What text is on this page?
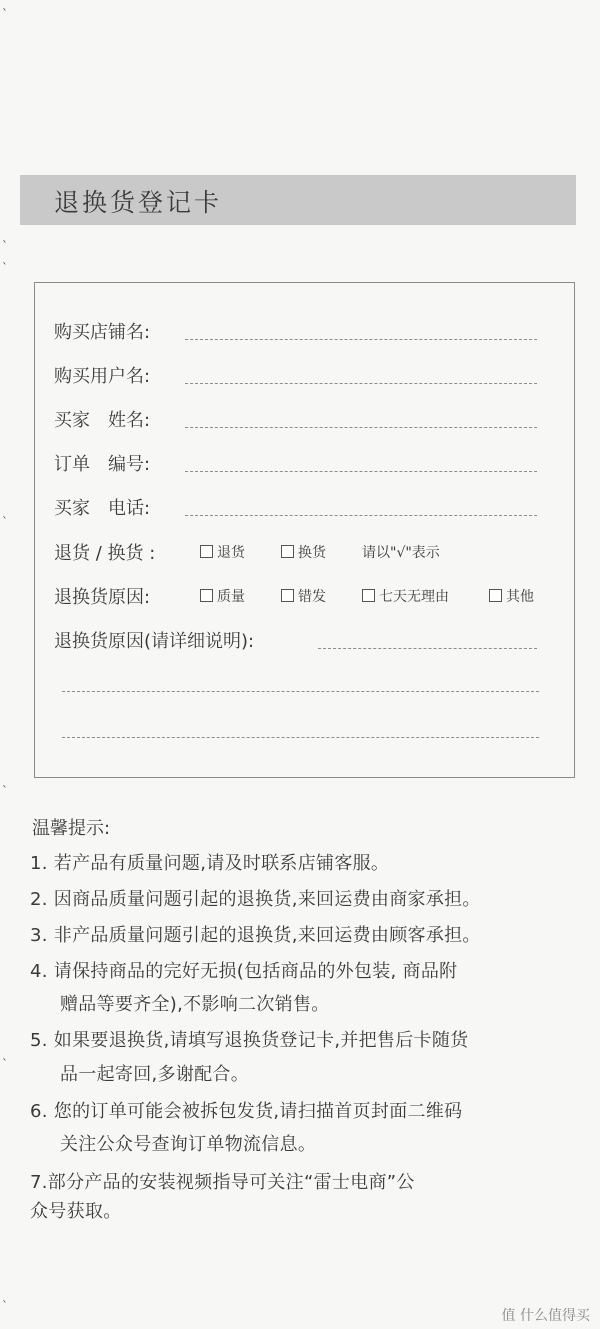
ˋ
ˋ
ˋ
ˋ
ˋ
ˋ
ˋ
退换货登记卡
购买店铺名:
购买用户名:
买家　姓名:
订单　编号:
买家　电话:
退货 / 换货 :	退货	换货	请以"√"表示
退换货原因:	质量	错发	七天无理由	其他
退换货原因(请详细说明):
温馨提示:
1. 若产品有质量问题,请及时联系店铺客服。
2. 因商品质量问题引起的退换货,来回运费由商家承担。
3. 非产品质量问题引起的退换货,来回运费由顾客承担。
4. 请保持商品的完好无损(包括商品的外包装, 商品附
赠品等要齐全),不影响二次销售。
5. 如果要退换货,请填写退换货登记卡,并把售后卡随货
品一起寄回,多谢配合。
6. 您的订单可能会被拆包发货,请扫描首页封面二维码
关注公众号查询订单物流信息。
7.部分产品的安装视频指导可关注“雷士电商”公
众号获取。
值 什么值得买
